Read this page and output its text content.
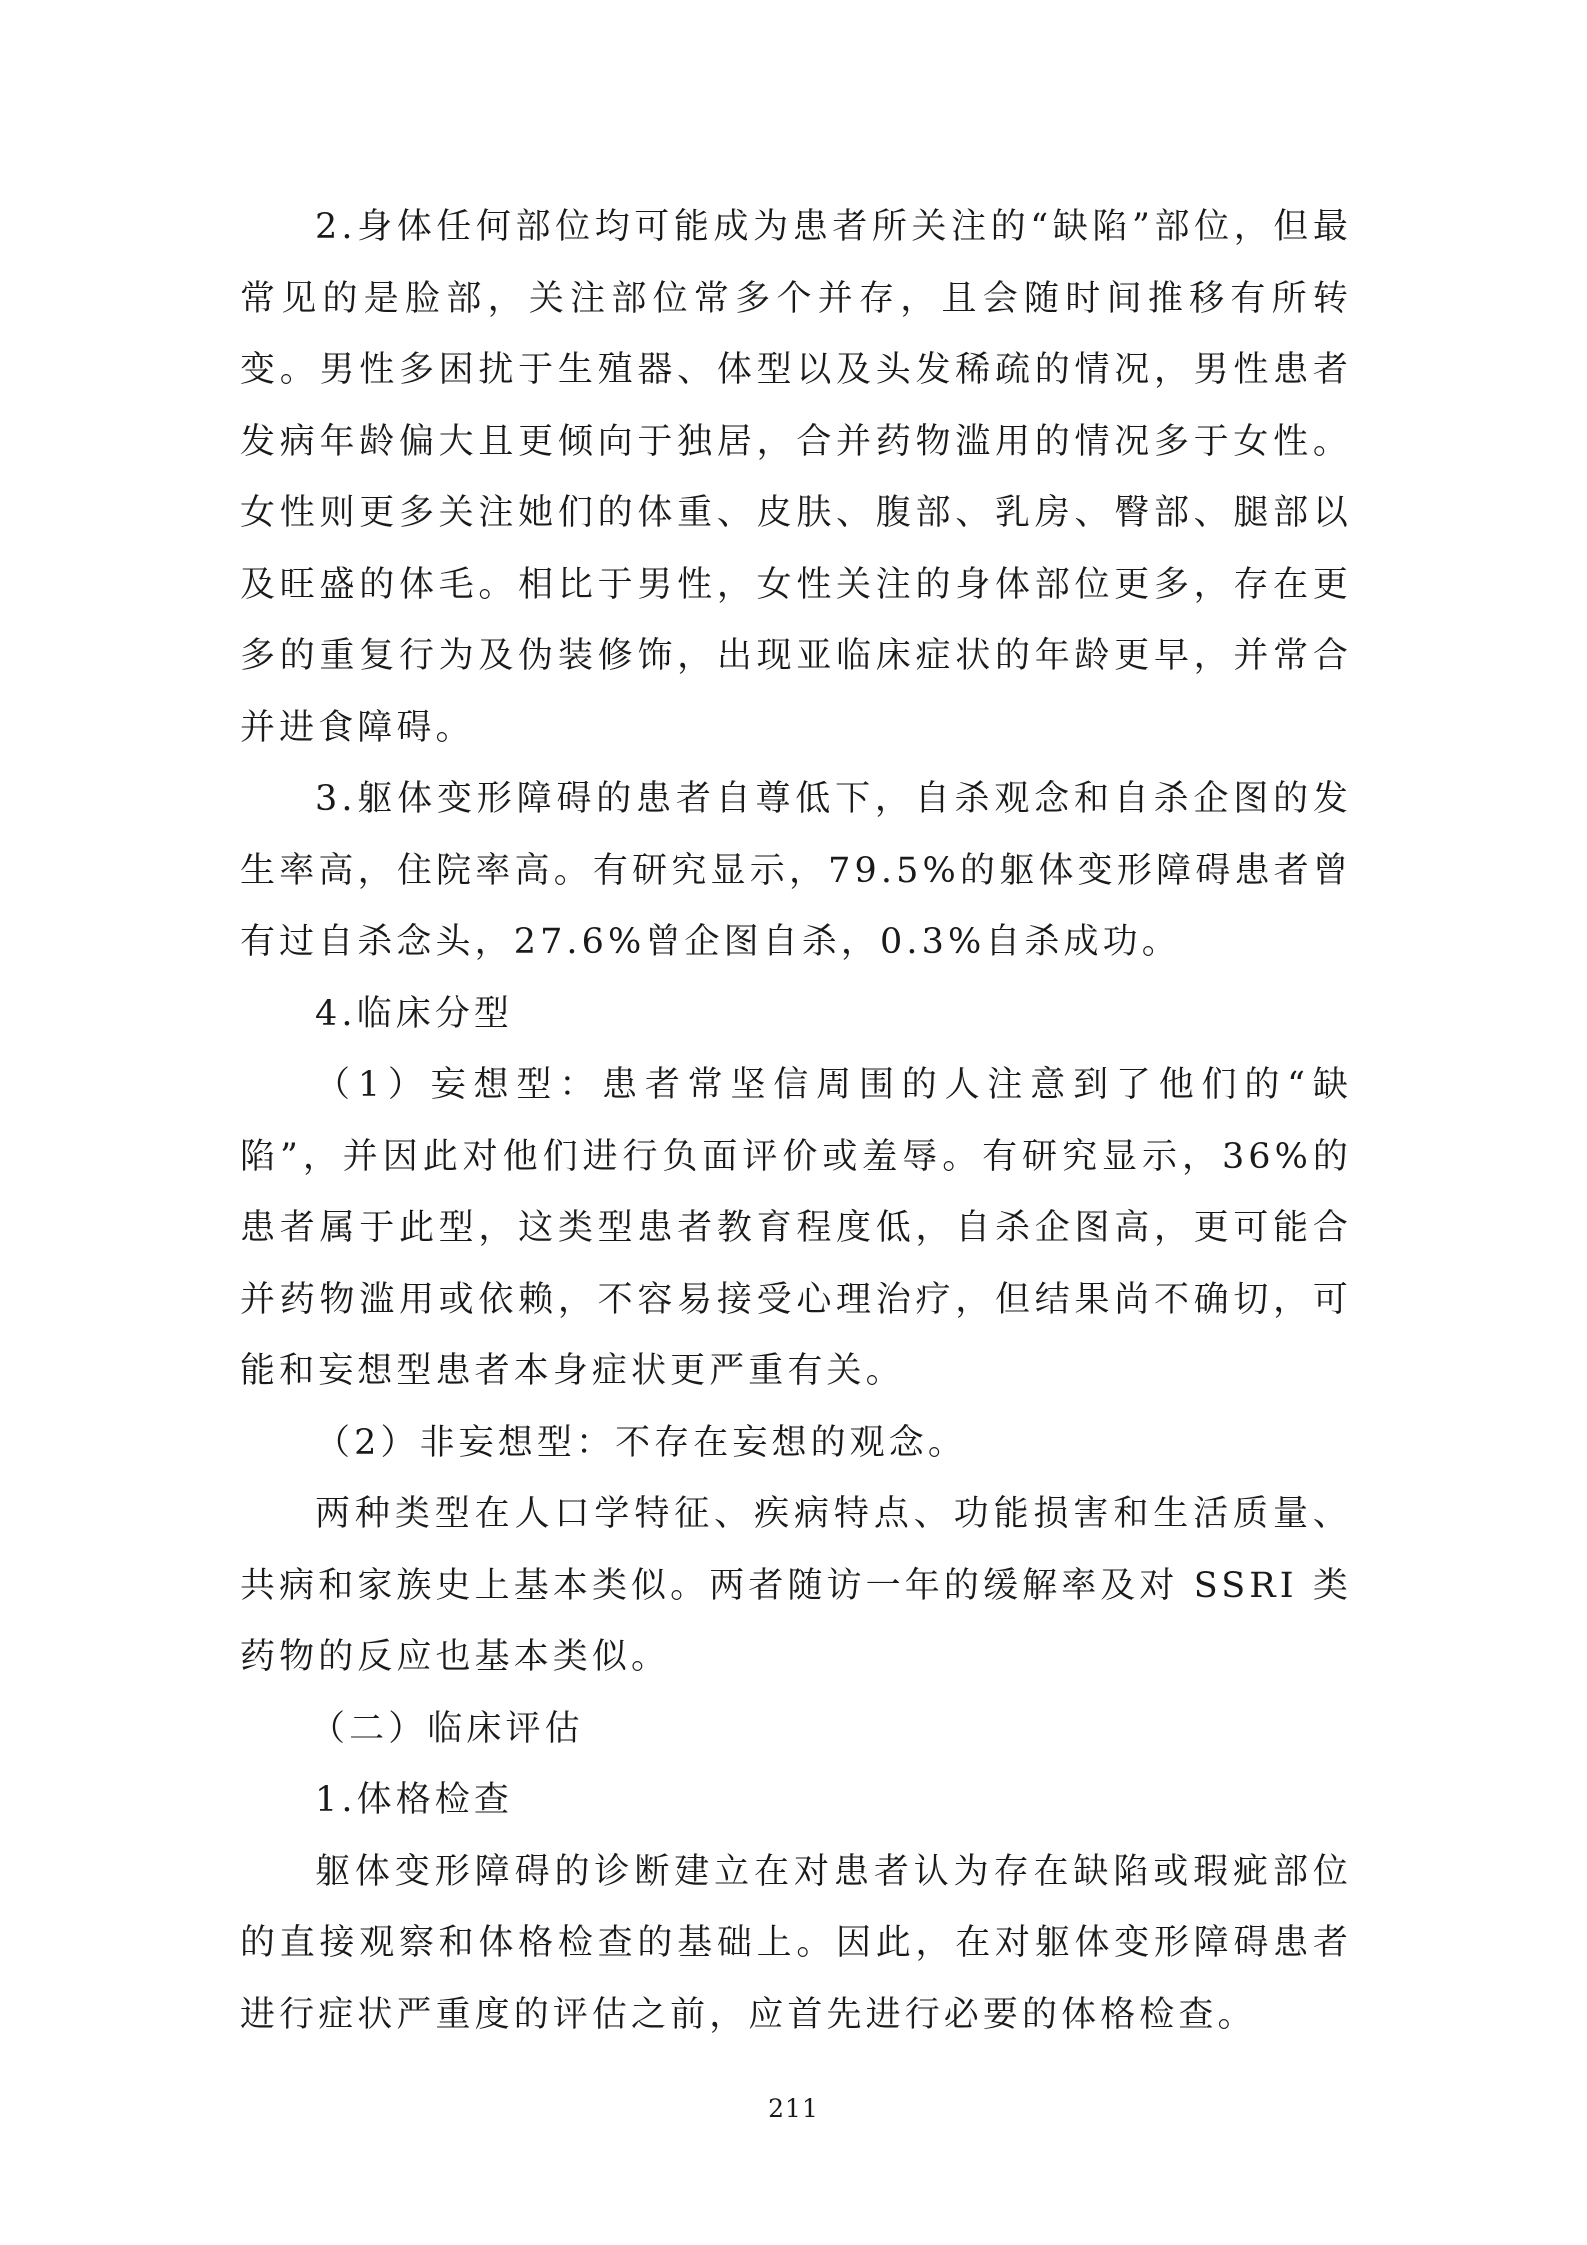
2.身体任何部位均可能成为患者所关注的“缺陷”部位，但最常见的是脸部，关注部位常多个并存，且会随时间推移有所转变。男性多困扰于生殖器、体型以及头发稀疏的情况，男性患者发病年龄偏大且更倾向于独居，合并药物滥用的情况多于女性。女性则更多关注她们的体重、皮肤、腹部、乳房、臀部、腿部以及旺盛的体毛。相比于男性，女性关注的身体部位更多，存在更多的重复行为及伪装修饰，出现亚临床症状的年龄更早，并常合并进食障碍。

3.躯体变形障碍的患者自尊低下，自杀观念和自杀企图的发生率高，住院率高。有研究显示，79.5%的躯体变形障碍患者曾有过自杀念头，27.6%曾企图自杀，0.3%自杀成功。

4.临床分型

（1）妄想型：患者常坚信周围的人注意到了他们的“缺陷”，并因此对他们进行负面评价或羞辱。有研究显示，36%的患者属于此型，这类型患者教育程度低，自杀企图高，更可能合并药物滥用或依赖，不容易接受心理治疗，但结果尚不确切，可能和妄想型患者本身症状更严重有关。

（2）非妄想型：不存在妄想的观念。

两种类型在人口学特征、疾病特点、功能损害和生活质量、共病和家族史上基本类似。两者随访一年的缓解率及对 SSRI 类药物的反应也基本类似。

（二）临床评估

1.体格检查

躯体变形障碍的诊断建立在对患者认为存在缺陷或瑕疵部位的直接观察和体格检查的基础上。因此，在对躯体变形障碍患者进行症状严重度的评估之前，应首先进行必要的体格检查。

211
